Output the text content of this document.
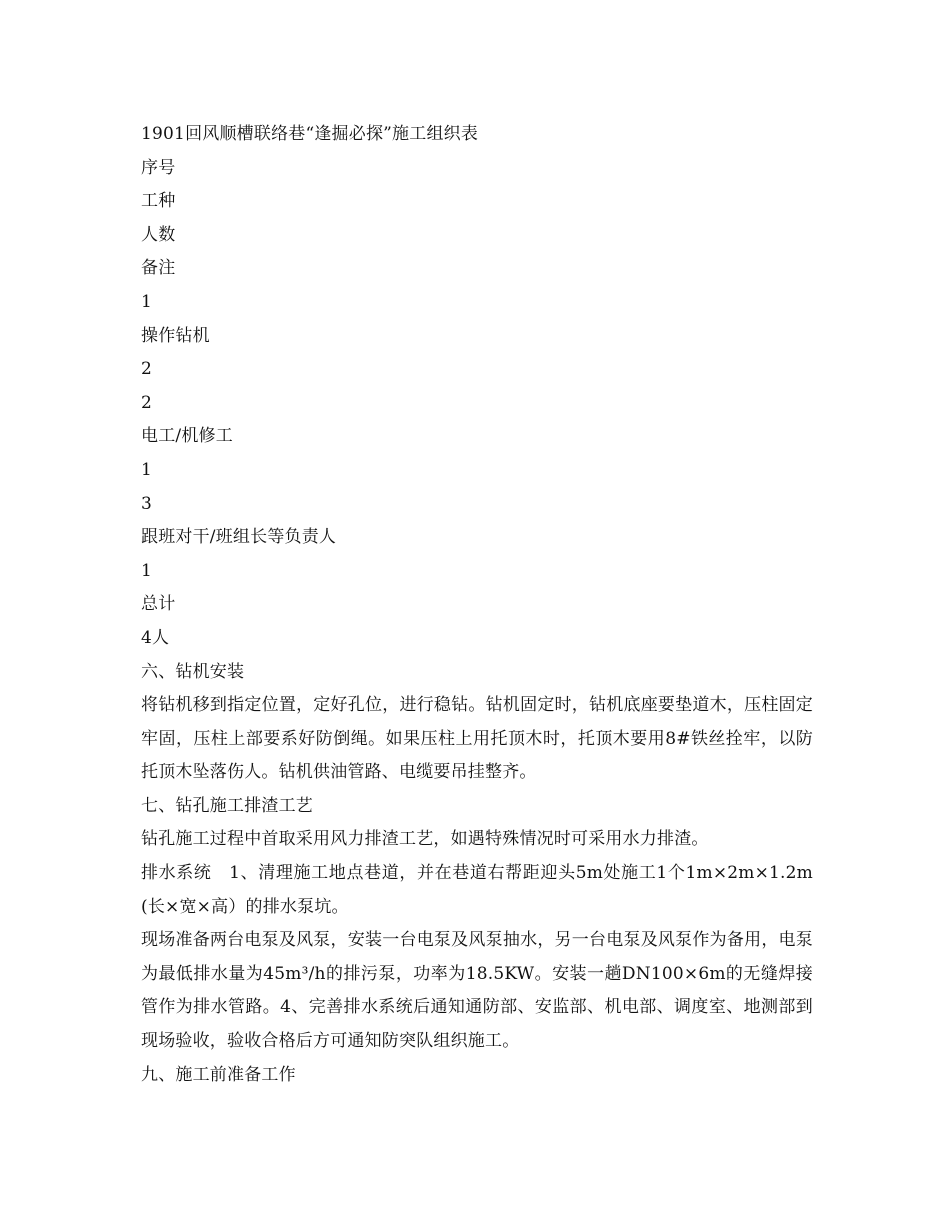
1901回风顺槽联络巷“逢掘必探”施工组织表
序号
工种
人数
备注
1
操作钻机
2
2
电工/机修工
1
3
跟班对干/班组长等负责人
1
总计
4人
六、钻机安装
将钻机移到指定位置，定好孔位，进行稳钻。钻机固定时，钻机底座要垫道木，压柱固定牢固，压柱上部要系好防倒绳。如果压柱上用托顶木时，托顶木要用8#铁丝拴牢，以防托顶木坠落伤人。钻机供油管路、电缆要吊挂整齐。
七、钻孔施工排渣工艺
钻孔施工过程中首取采用风力排渣工艺，如遇特殊情况时可采用水力排渣。
排水系统　1、清理施工地点巷道，并在巷道右帮距迎头5m处施工1个1m×2m×1.2m(长×宽×高）的排水泵坑。
现场准备两台电泵及风泵，安装一台电泵及风泵抽水，另一台电泵及风泵作为备用，电泵为最低排水量为45m³/h的排污泵，功率为18.5KW。安装一趟DN100×6m的无缝焊接管作为排水管路。4、完善排水系统后通知通防部、安监部、机电部、调度室、地测部到现场验收，验收合格后方可通知防突队组织施工。
九、施工前准备工作
